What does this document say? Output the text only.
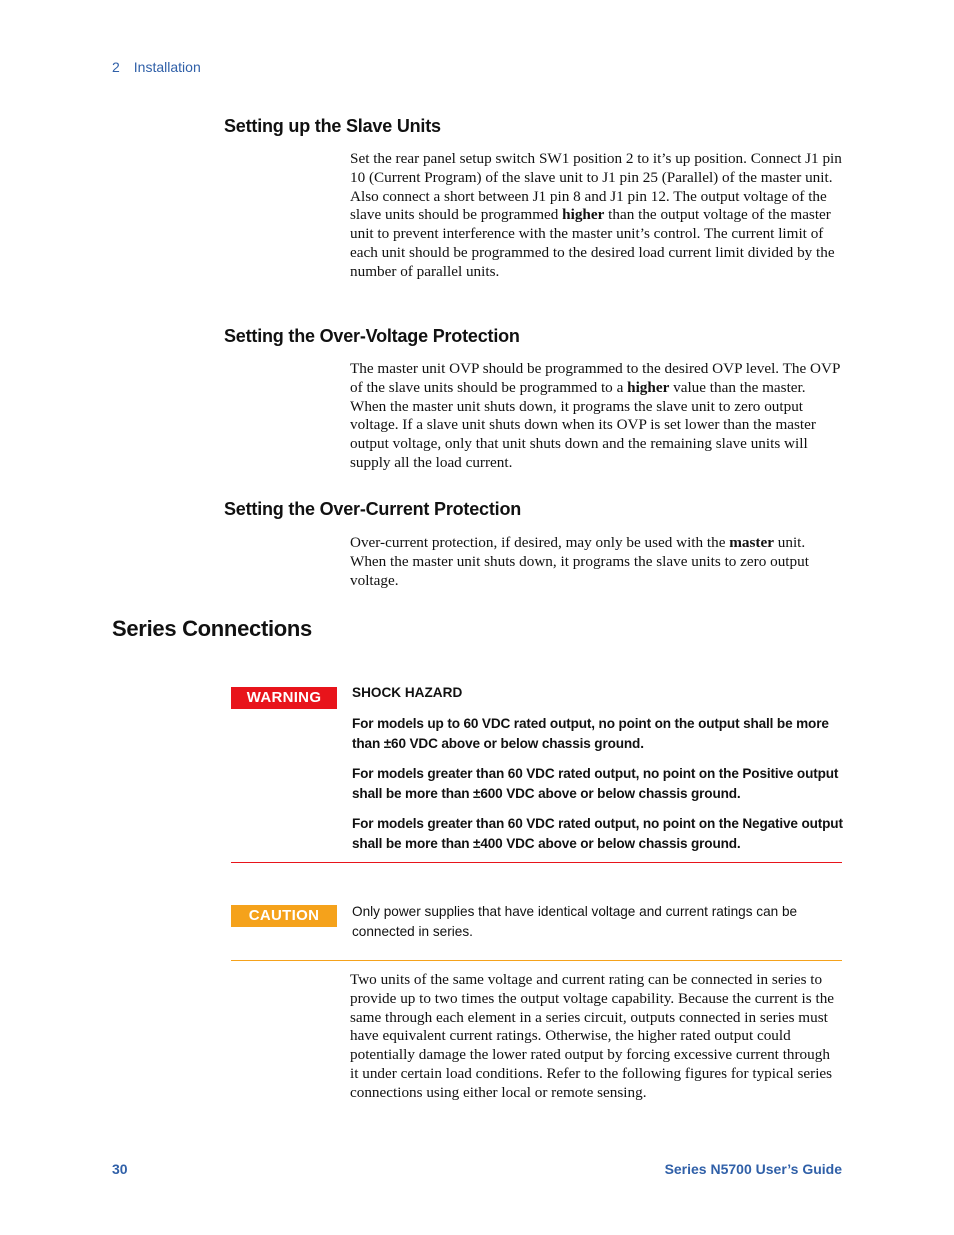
2 Installation
Setting up the Slave Units

Set the rear panel setup switch SW1 position 2 to it’s up position. Connect J1 pin 10 (Current Program) of the slave unit to J1 pin 25 (Parallel) of the master unit. Also connect a short between J1 pin 8 and J1 pin 12. The output voltage of the slave units should be programmed higher than the output voltage of the master unit to prevent interference with the master unit’s control. The current limit of each unit should be programmed to the desired load current limit divided by the number of parallel units.

Setting the Over-Voltage Protection

The master unit OVP should be programmed to the desired OVP level. The OVP of the slave units should be programmed to a higher value than the master. When the master unit shuts down, it programs the slave unit to zero output voltage. If a slave unit shuts down when its OVP is set lower than the master output voltage, only that unit shuts down and the remaining slave units will supply all the load current.

Setting the Over-Current Protection

Over-current protection, if desired, may only be used with the master unit. When the master unit shuts down, it programs the slave units to zero output voltage.

Series Connections
WARNING	SHOCK HAZARD

For models up to 60 VDC rated output, no point on the output shall be more than ±60 VDC above or below chassis ground.

For models greater than 60 VDC rated output, no point on the Positive output shall be more than ±600 VDC above or below chassis ground.

For models greater than 60 VDC rated output, no point on the Negative output shall be more than ±400 VDC above or below chassis ground.

CAUTION	Only power supplies that have identical voltage and current ratings can be connected in series.

Two units of the same voltage and current rating can be connected in series to provide up to two times the output voltage capability. Because the current is the same through each element in a series circuit, outputs connected in series must have equivalent current ratings. Otherwise, the higher rated output could potentially damage the lower rated output by forcing excessive current through it under certain load conditions. Refer to the following figures for typical series connections using either local or remote sensing.

30	Series N5700 User’s Guide
